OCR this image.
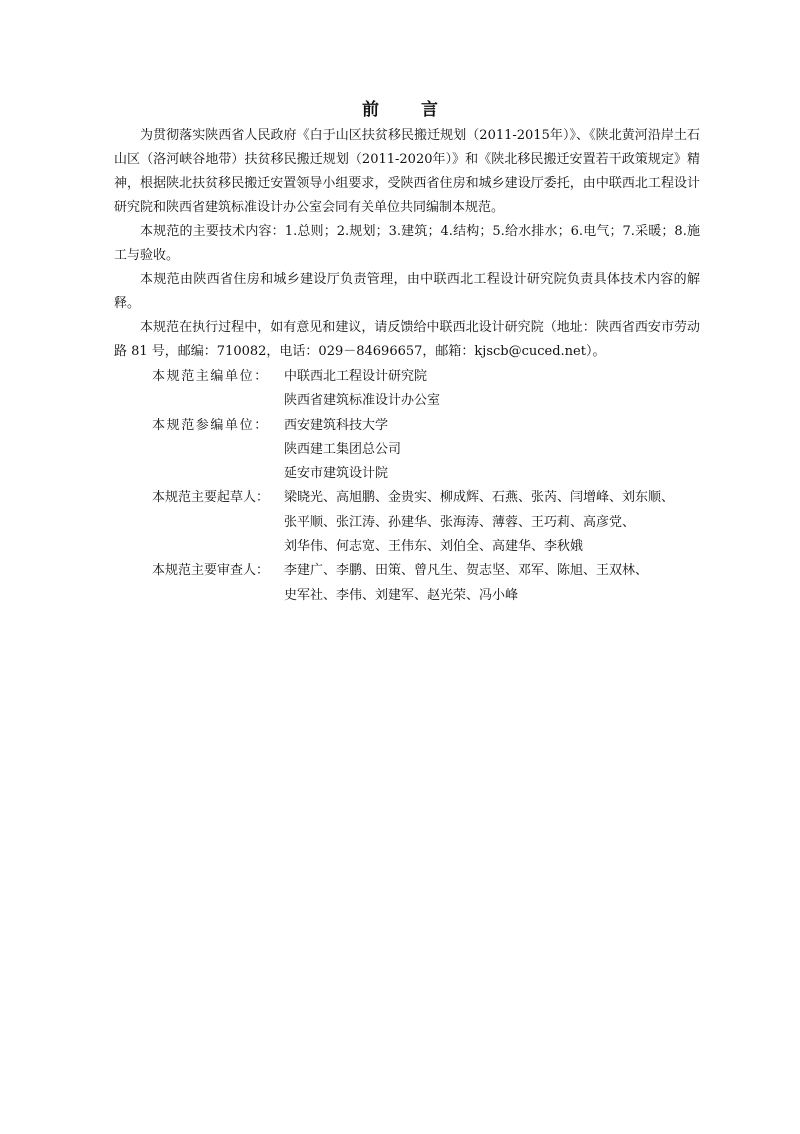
前 言

为贯彻落实陕西省人民政府《白于山区扶贫移民搬迁规划（2011-2015年）》、《陕北黄河沿岸土石山区（洛河峡谷地带）扶贫移民搬迁规划（2011-2020年）》和《陕北移民搬迁安置若干政策规定》精神，根据陕北扶贫移民搬迁安置领导小组要求，受陕西省住房和城乡建设厅委托，由中联西北工程设计研究院和陕西省建筑标准设计办公室会同有关单位共同编制本规范。

本规范的主要技术内容：1.总则；2.规划；3.建筑；4.结构；5.给水排水；6.电气；7.采暖；8.施工与验收。

本规范由陕西省住房和城乡建设厅负责管理，由中联西北工程设计研究院负责具体技术内容的解释。

本规范在执行过程中，如有意见和建议，请反馈给中联西北设计研究院（地址：陕西省西安市劳动路 81 号，邮编：710082，电话：029－84696657，邮箱：kjscb@cuced.net）。

本规范主编单位：	中联西北工程设计研究院
陕西省建筑标准设计办公室
本规范参编单位：	西安建筑科技大学
陕西建工集团总公司
延安市建筑设计院
本规范主要起草人：	梁晓光、高旭鹏、金贵实、柳成辉、石燕、张芮、闫增峰、刘东顺、
张平顺、张江涛、孙建华、张海涛、薄蓉、王巧莉、高彦党、
刘华伟、何志宽、王伟东、刘伯全、高建华、李秋娥
本规范主要审查人：	李建广、李鹏、田策、曾凡生、贺志坚、邓军、陈旭、王双林、
史军社、李伟、刘建军、赵光荣、冯小峰
